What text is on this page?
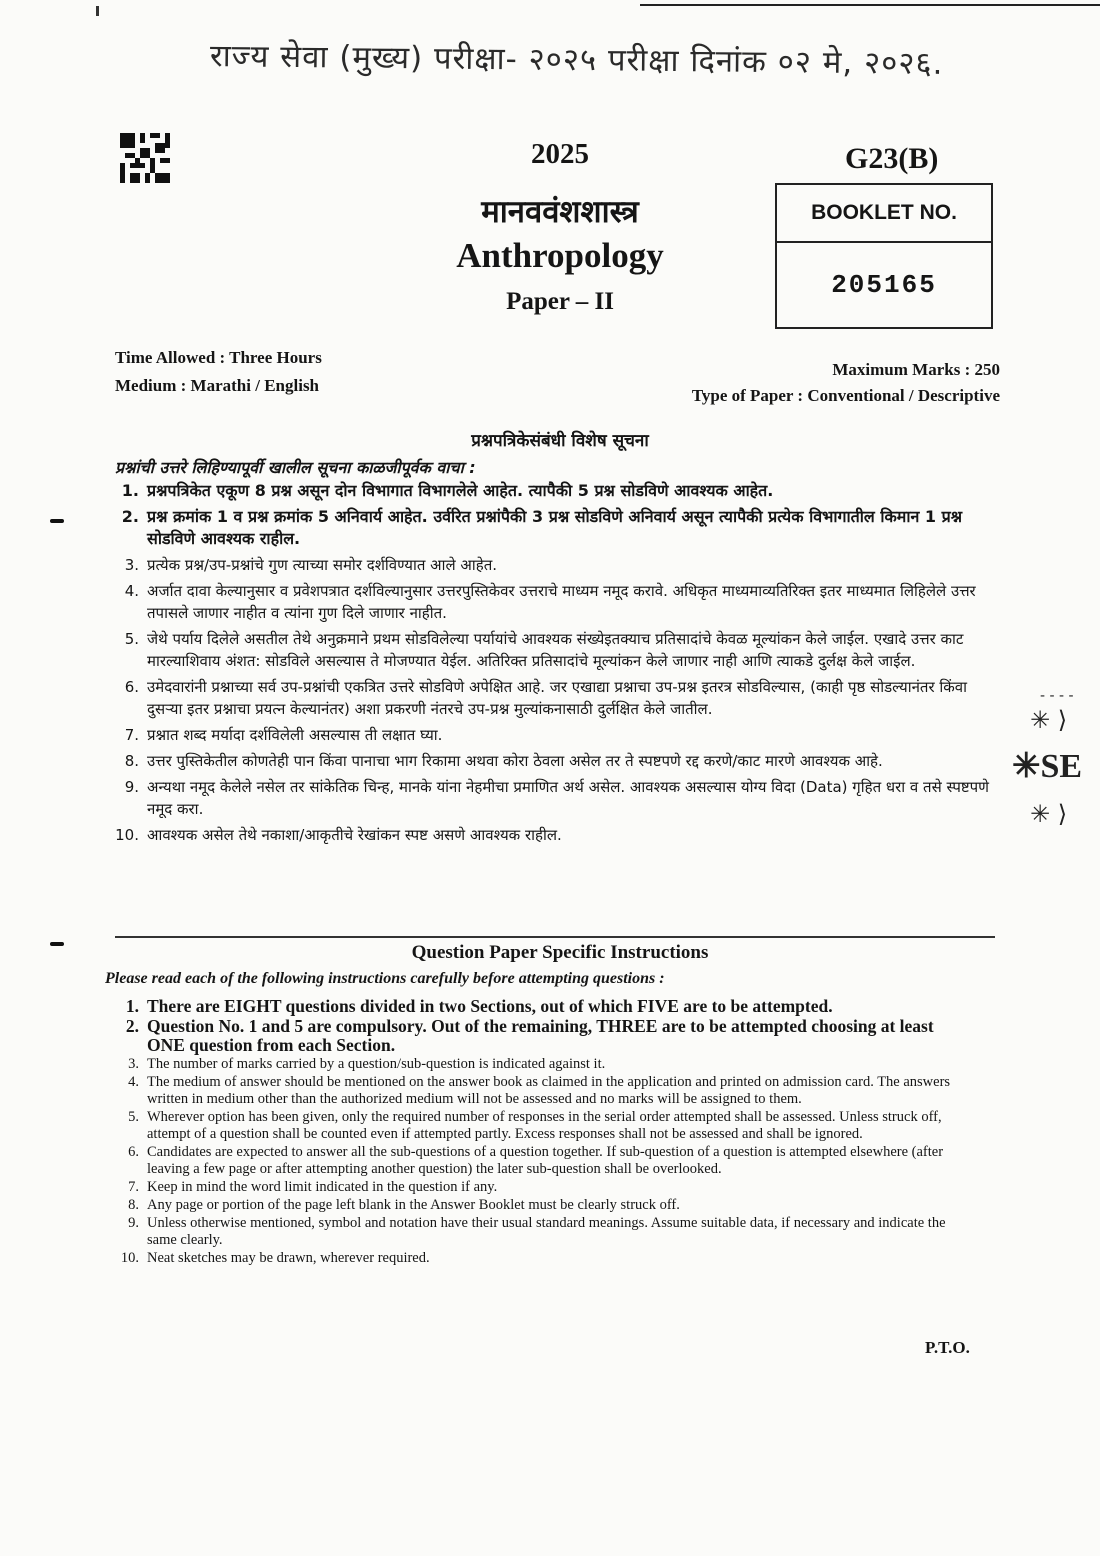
राज्य सेवा (मुख्य) परीक्षा- २०२५ परीक्षा दिनांक ०२ मे, २०२६.
2025
मानववंशशास्त्र
Anthropology
Paper – II
G23(B)
BOOKLET NO.
205165
Time Allowed : Three Hours
Medium : Marathi / English
Maximum Marks : 250
Type of Paper : Conventional / Descriptive
प्रश्नपत्रिकेसंबंधी विशेष सूचना
प्रश्नांची उत्तरे लिहिण्यापूर्वी खालील सूचना काळजीपूर्वक वाचा :
1. प्रश्नपत्रिकेत एकूण 8 प्रश्न असून दोन विभागात विभागलेले आहेत. त्यापैकी 5 प्रश्न सोडविणे आवश्यक आहेत.
2. प्रश्न क्रमांक 1 व प्रश्न क्रमांक 5 अनिवार्य आहेत. उर्वरित प्रश्नांपैकी 3 प्रश्न सोडविणे अनिवार्य असून त्यापैकी प्रत्येक विभागातील किमान 1 प्रश्न सोडविणे आवश्यक राहील.
3. प्रत्येक प्रश्न/उप-प्रश्नांचे गुण त्याच्या समोर दर्शविण्यात आले आहेत.
4. अर्जात दावा केल्यानुसार व प्रवेशपत्रात दर्शविल्यानुसार उत्तरपुस्तिकेवर उत्तराचे माध्यम नमूद करावे. अधिकृत माध्यमाव्यतिरिक्त इतर माध्यमात लिहिलेले उत्तर तपासले जाणार नाहीत व त्यांना गुण दिले जाणार नाहीत.
5. जेथे पर्याय दिलेले असतील तेथे अनुक्रमाने प्रथम सोडविलेल्या पर्यायांचे आवश्यक संख्येइतक्याच प्रतिसादांचे केवळ मूल्यांकन केले जाईल. एखादे उत्तर काट मारल्याशिवाय अंशत: सोडविले असल्यास ते मोजण्यात येईल. अतिरिक्त प्रतिसादांचे मूल्यांकन केले जाणार नाही आणि त्याकडे दुर्लक्ष केले जाईल.
6. उमेदवारांनी प्रश्नाच्या सर्व उप-प्रश्नांची एकत्रित उत्तरे सोडविणे अपेक्षित आहे. जर एखाद्या प्रश्नाचा उप-प्रश्न इतरत्र सोडविल्यास, (काही पृष्ठ सोडल्यानंतर किंवा दुसऱ्या इतर प्रश्नाचा प्रयत्न केल्यानंतर) अशा प्रकरणी नंतरचे उप-प्रश्न मुल्यांकनासाठी दुर्लक्षित केले जातील.
7. प्रश्नात शब्द मर्यादा दर्शविलेली असल्यास ती लक्षात घ्या.
8. उत्तर पुस्तिकेतील कोणतेही पान किंवा पानाचा भाग रिकामा अथवा कोरा ठेवला असेल तर ते स्पष्टपणे रद्द करणे/काट मारणे आवश्यक आहे.
9. अन्यथा नमूद केलेले नसेल तर सांकेतिक चिन्ह, मानके यांना नेहमीचा प्रमाणित अर्थ असेल. आवश्यक असल्यास योग्य विदा (Data) गृहित धरा व तसे स्पष्टपणे नमूद करा.
10. आवश्यक असेल तेथे नकाशा/आकृतीचे रेखांकन स्पष्ट असणे आवश्यक राहील.
Question Paper Specific Instructions
Please read each of the following instructions carefully before attempting questions :
1. There are EIGHT questions divided in two Sections, out of which FIVE are to be attempted.
2. Question No. 1 and 5 are compulsory. Out of the remaining, THREE are to be attempted choosing at least ONE question from each Section.
3. The number of marks carried by a question/sub-question is indicated against it.
4. The medium of answer should be mentioned on the answer book as claimed in the application and printed on admission card. The answers written in medium other than the authorized medium will not be assessed and no marks will be assigned to them.
5. Wherever option has been given, only the required number of responses in the serial order attempted shall be assessed. Unless struck off, attempt of a question shall be counted even if attempted partly. Excess responses shall not be assessed and shall be ignored.
6. Candidates are expected to answer all the sub-questions of a question together. If sub-question of a question is attempted elsewhere (after leaving a few page or after attempting another question) the later sub-question shall be overlooked.
7. Keep in mind the word limit indicated in the question if any.
8. Any page or portion of the page left blank in the Answer Booklet must be clearly struck off.
9. Unless otherwise mentioned, symbol and notation have their usual standard meanings. Assume suitable data, if necessary and indicate the same clearly.
10. Neat sketches may be drawn, wherever required.
P.T.O.
- - - -
✳ ⟩
✳SE
✳ ⟩
